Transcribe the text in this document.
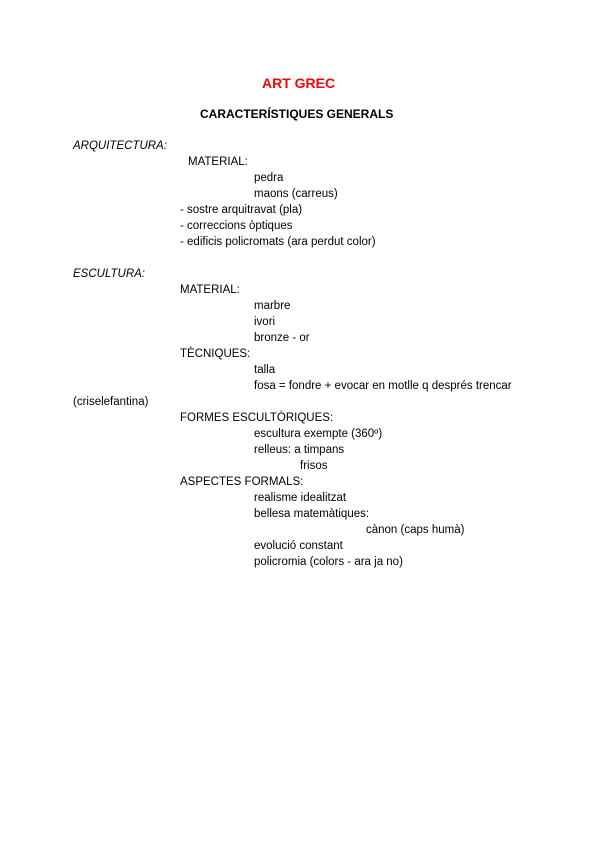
ART GREC
CARACTERÍSTIQUES GENERALS
ARQUITECTURA:
MATERIAL:
pedra
maons (carreus)
- sostre arquitravat (pla)
- correccions òptiques
- edificis policromats (ara perdut color)
ESCULTURA:
MATERIAL:
marbre
ivori
bronze - or
TÈCNIQUES:
talla
fosa = fondre + evocar en motlle q després trencar
(criselefantina)
FORMES ESCULTÒRIQUES:
escultura exempte (360º)
relleus: a timpans
frisos
ASPECTES FORMALS:
realisme idealitzat
bellesa matemàtiques:
cànon (caps humà)
evolució constant
policromia (colors - ara ja no)
